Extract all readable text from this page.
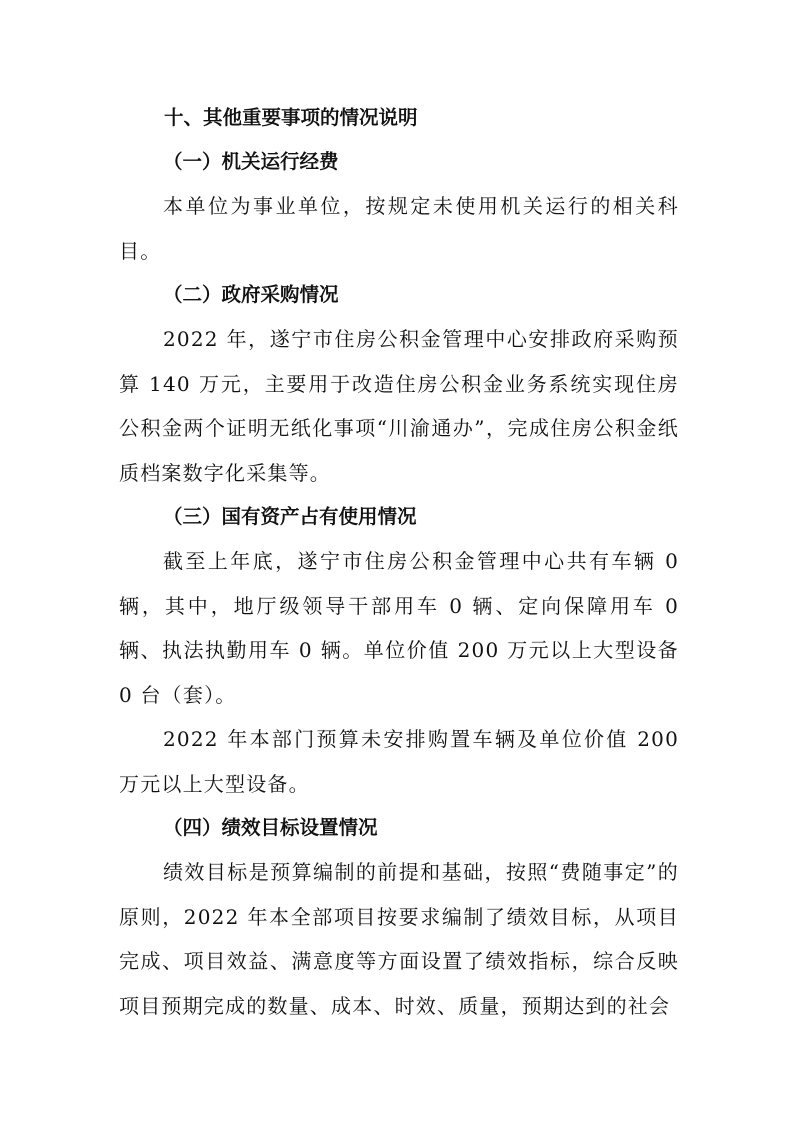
十、其他重要事项的情况说明

（一）机关运行经费

本单位为事业单位，按规定未使用机关运行的相关科目。

（二）政府采购情况

2022 年，遂宁市住房公积金管理中心安排政府采购预算 140 万元，主要用于改造住房公积金业务系统实现住房公积金两个证明无纸化事项“川渝通办”，完成住房公积金纸质档案数字化采集等。

（三）国有资产占有使用情况

截至上年底，遂宁市住房公积金管理中心共有车辆 0 辆，其中，地厅级领导干部用车 0 辆、定向保障用车 0 辆、执法执勤用车 0 辆。单位价值 200 万元以上大型设备 0 台（套）。

2022 年本部门预算未安排购置车辆及单位价值 200 万元以上大型设备。

（四）绩效目标设置情况

绩效目标是预算编制的前提和基础，按照“费随事定”的原则，2022 年本全部项目按要求编制了绩效目标，从项目完成、项目效益、满意度等方面设置了绩效指标，综合反映项目预期完成的数量、成本、时效、质量，预期达到的社会
